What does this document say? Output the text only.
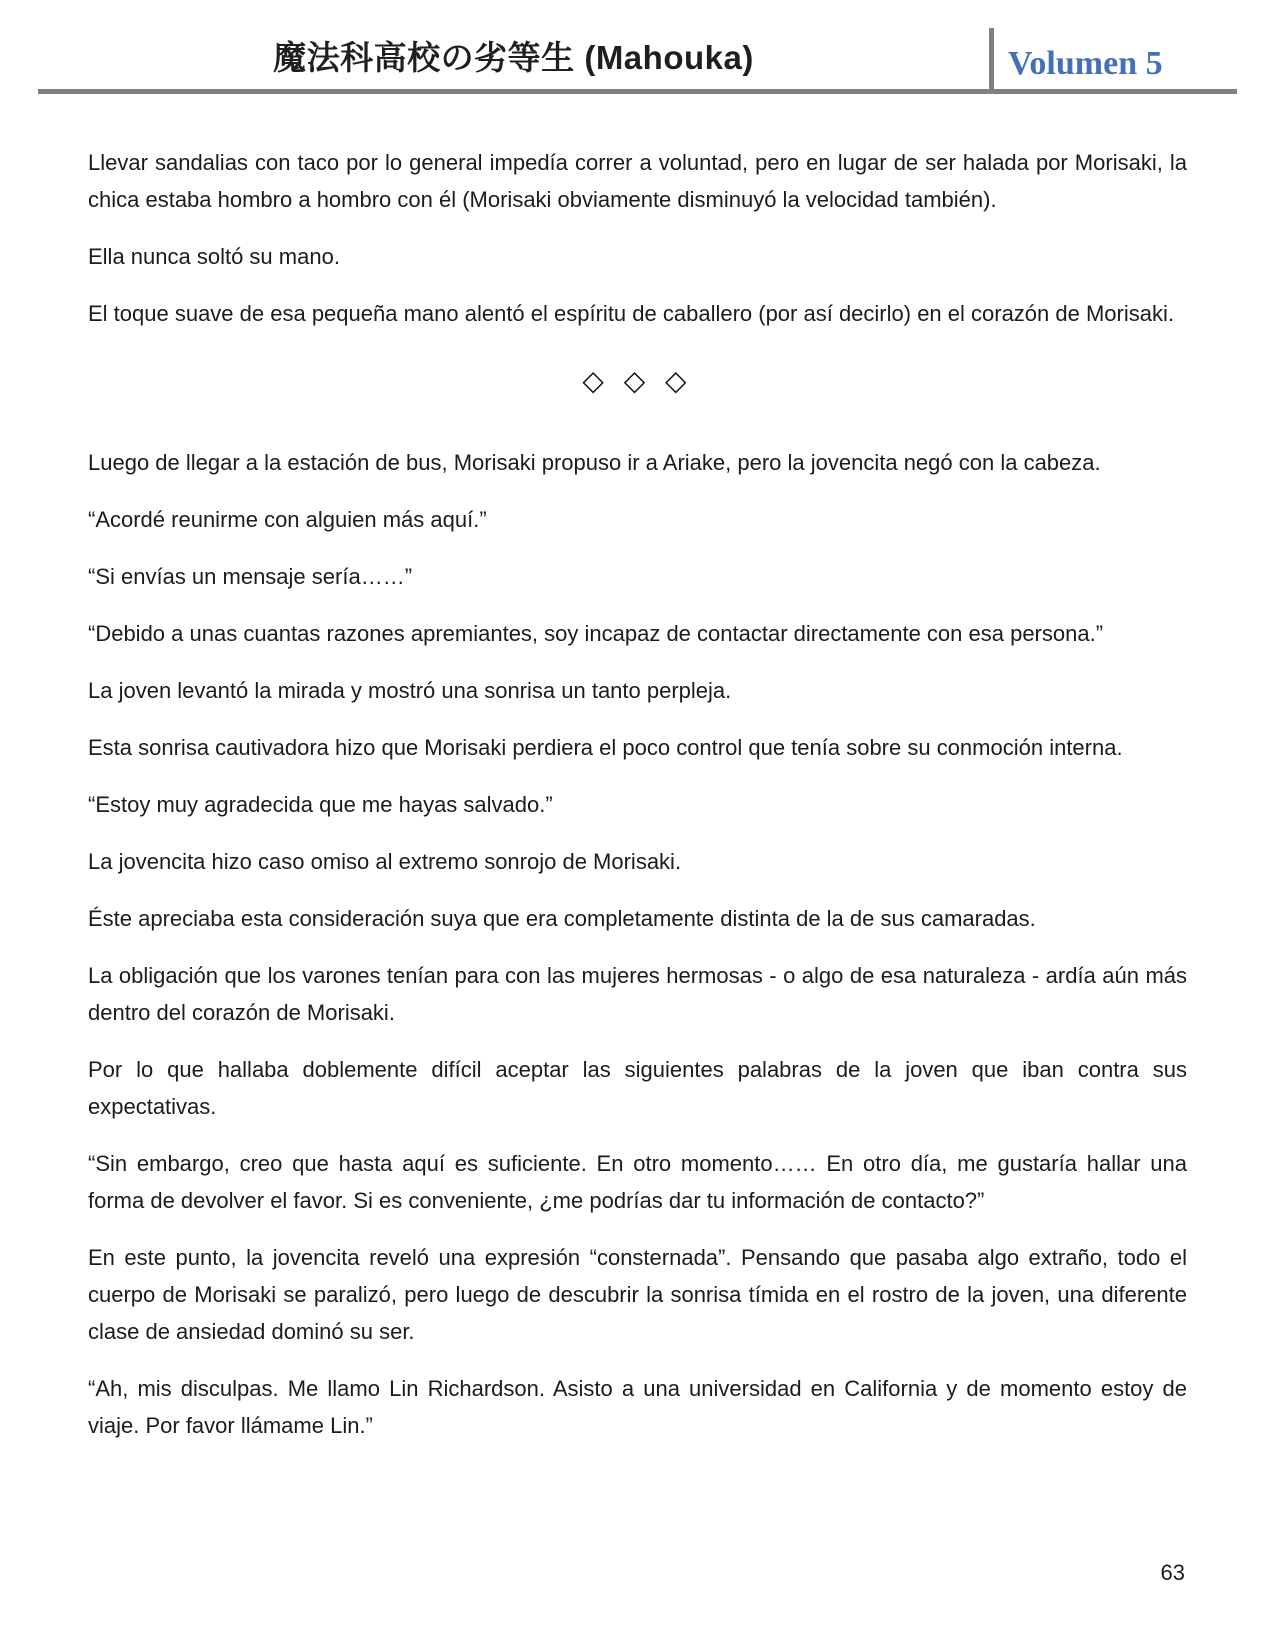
魔法科高校の劣等生 (Mahouka)	Volumen 5

Llevar sandalias con taco por lo general impedía correr a voluntad, pero en lugar de ser halada por Morisaki, la chica estaba hombro a hombro con él (Morisaki obviamente disminuyó la velocidad también).

Ella nunca soltó su mano.

El toque suave de esa pequeña mano alentó el espíritu de caballero (por así decirlo) en el corazón de Morisaki.

◇ ◇ ◇

Luego de llegar a la estación de bus, Morisaki propuso ir a Ariake, pero la jovencita negó con la cabeza.

“Acordé reunirme con alguien más aquí.”

“Si envías un mensaje sería……”

“Debido a unas cuantas razones apremiantes, soy incapaz de contactar directamente con esa persona.”

La joven levantó la mirada y mostró una sonrisa un tanto perpleja.

Esta sonrisa cautivadora hizo que Morisaki perdiera el poco control que tenía sobre su conmoción interna.

“Estoy muy agradecida que me hayas salvado.”

La jovencita hizo caso omiso al extremo sonrojo de Morisaki.

Éste apreciaba esta consideración suya que era completamente distinta de la de sus camaradas.

La obligación que los varones tenían para con las mujeres hermosas - o algo de esa naturaleza - ardía aún más dentro del corazón de Morisaki.

Por lo que hallaba doblemente difícil aceptar las siguientes palabras de la joven que iban contra sus expectativas.

“Sin embargo, creo que hasta aquí es suficiente. En otro momento…… En otro día, me gustaría hallar una forma de devolver el favor. Si es conveniente, ¿me podrías dar tu información de contacto?”

En este punto, la jovencita reveló una expresión “consternada”. Pensando que pasaba algo extraño, todo el cuerpo de Morisaki se paralizó, pero luego de descubrir la sonrisa tímida en el rostro de la joven, una diferente clase de ansiedad dominó su ser.

“Ah, mis disculpas. Me llamo Lin Richardson. Asisto a una universidad en California y de momento estoy de viaje. Por favor llámame Lin.”

63
